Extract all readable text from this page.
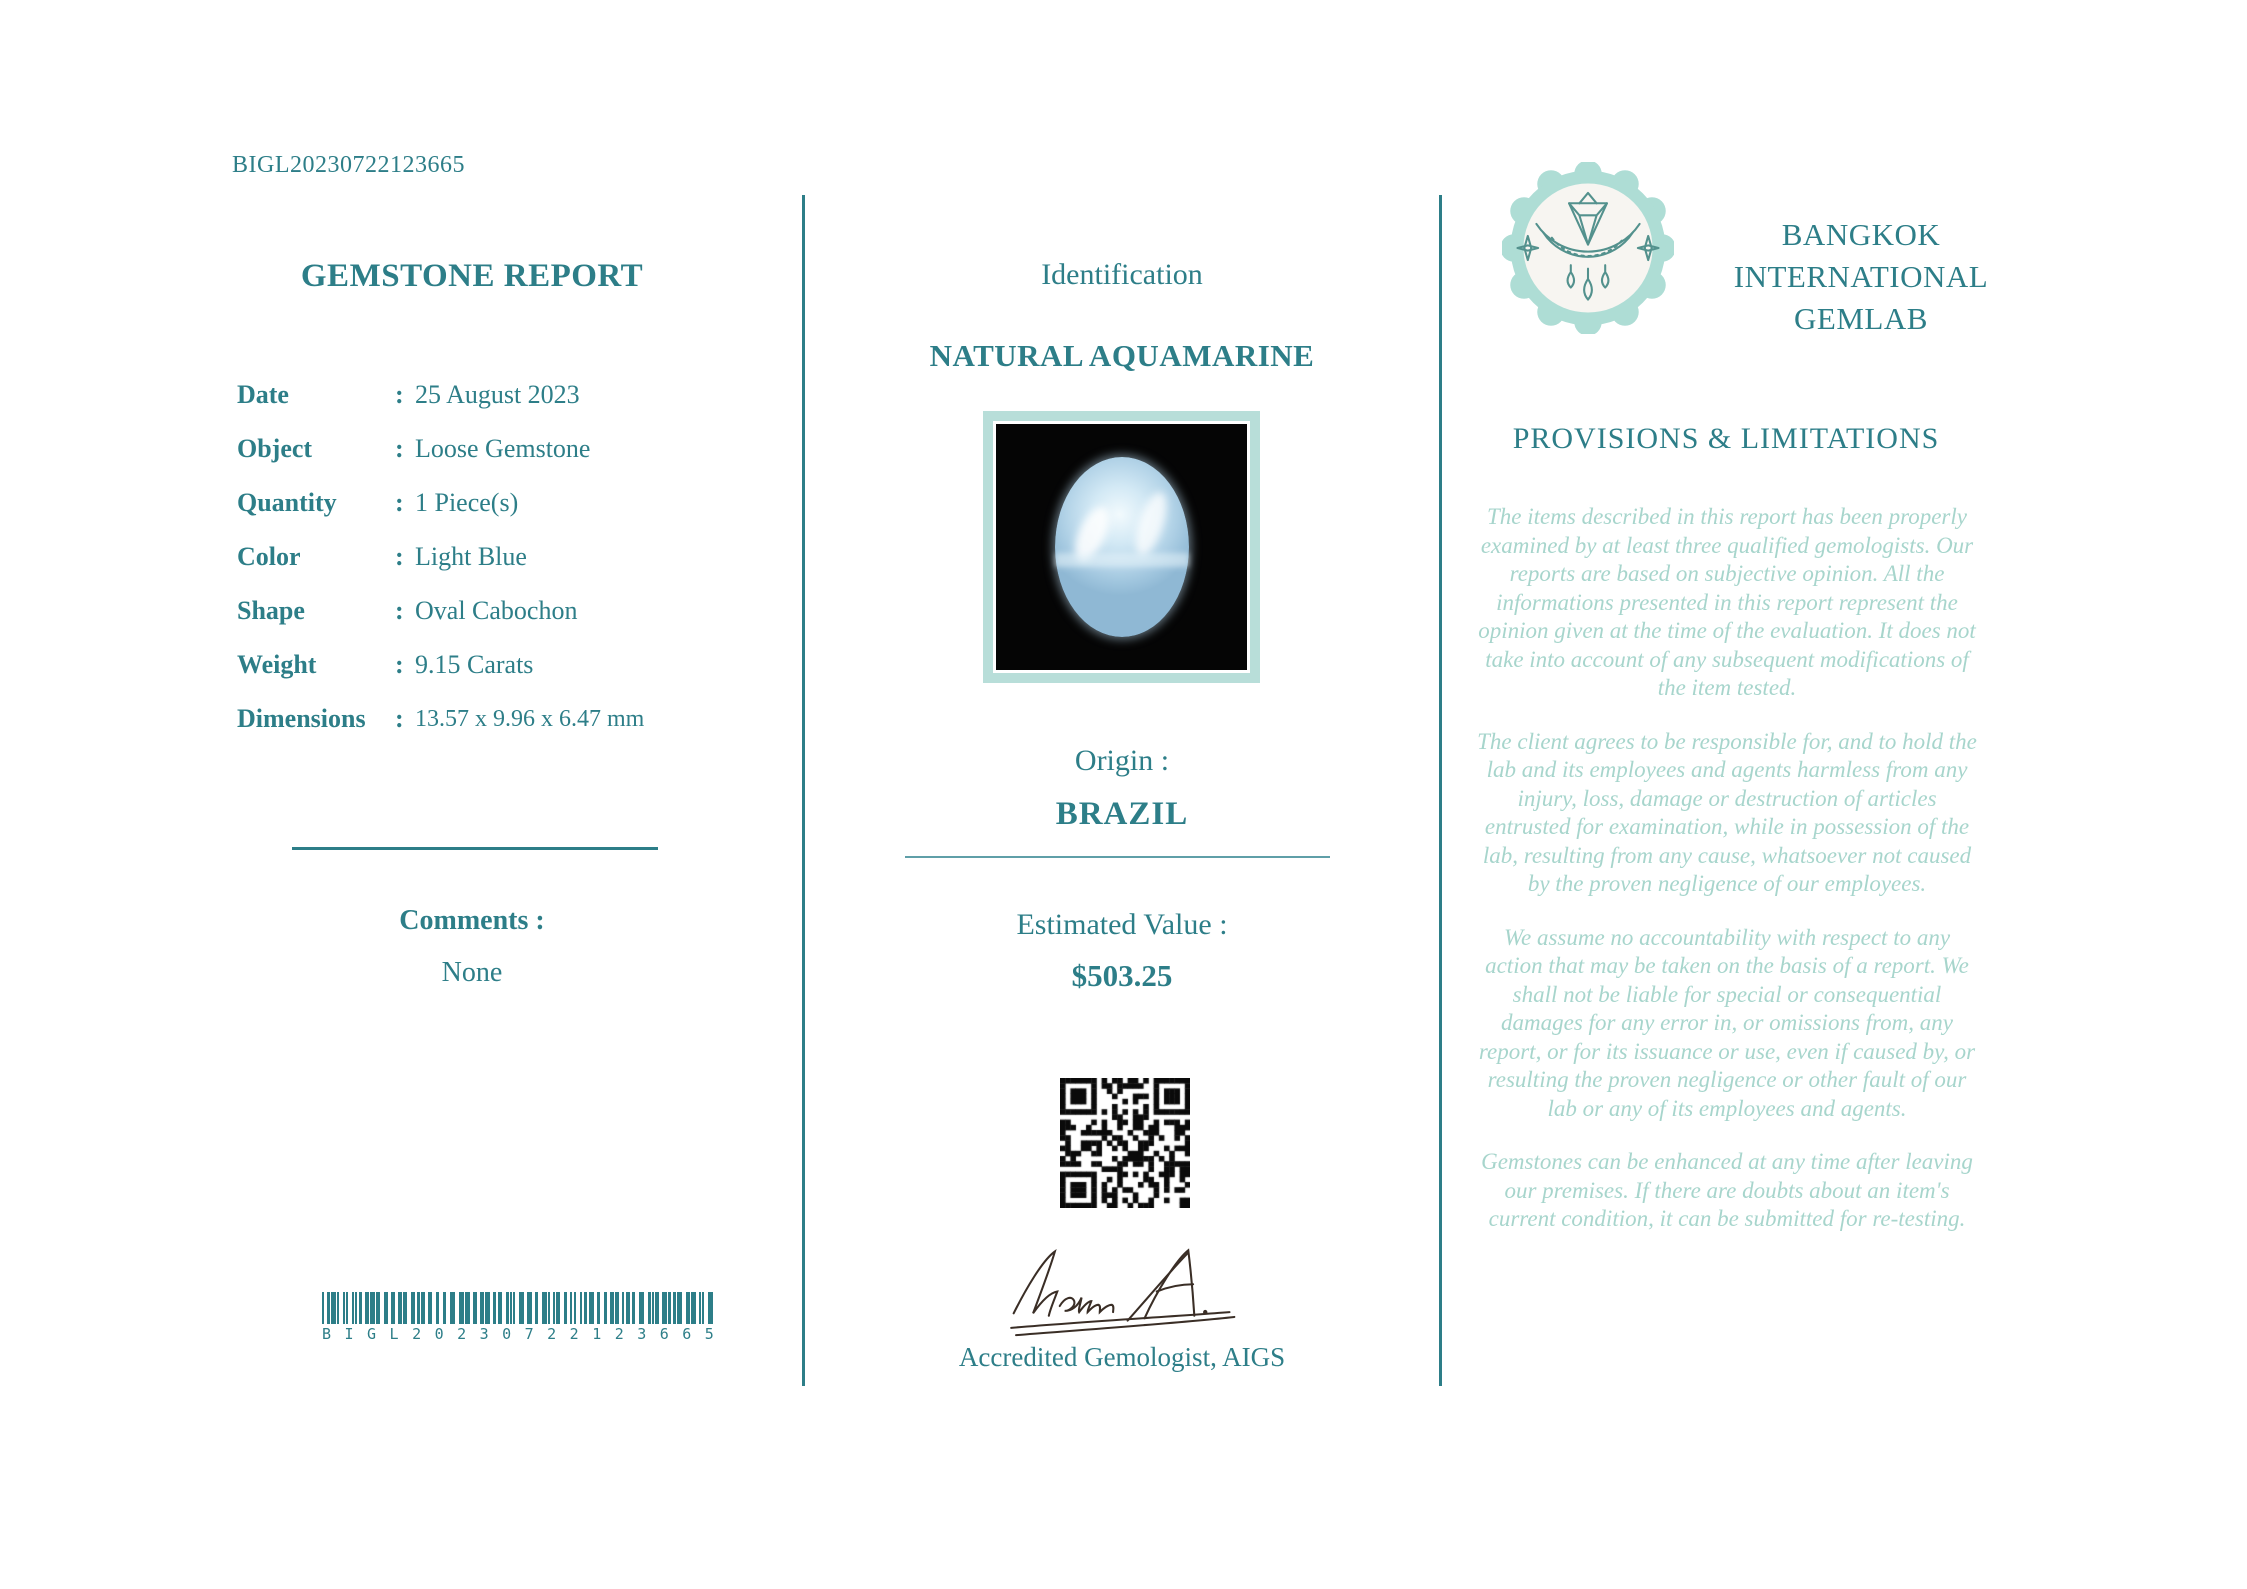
BIGL20230722123665
GEMSTONE REPORT
Date	: 25 August 2023
Object	: Loose Gemstone
Quantity	: 1 Piece(s)
Color	: Light Blue
Shape	: Oval Cabochon
Weight	: 9.15 Carats
Dimensions	: 13.57 x 9.96 x 6.47 mm
Comments :
None
B I G L 2 0 2 3 0 7 2 2 1 2 3 6 6 5
Identification
NATURAL AQUAMARINE
Origin :
BRAZIL
Estimated Value :
$503.25
Accredited Gemologist, AIGS
BANGKOK
INTERNATIONAL
GEMLAB
PROVISIONS & LIMITATIONS

The items described in this report has been properly examined by at least three qualified gemologists. Our reports are based on subjective opinion. All the informations presented in this report represent the opinion given at the time of the evaluation. It does not take into account of any subsequent modifications of the item tested.

The client agrees to be responsible for, and to hold the lab and its employees and agents harmless from any injury, loss, damage or destruction of articles entrusted for examination, while in possession of the lab, resulting from any cause, whatsoever not caused by the proven negligence of our employees.

We assume no accountability with respect to any action that may be taken on the basis of a report. We shall not be liable for special or consequential damages for any error in, or omissions from, any report, or for its issuance or use, even if caused by, or resulting the proven negligence or other fault of our lab or any of its employees and agents.

Gemstones can be enhanced at any time after leaving our premises. If there are doubts about an item's current condition, it can be submitted for re-testing.
